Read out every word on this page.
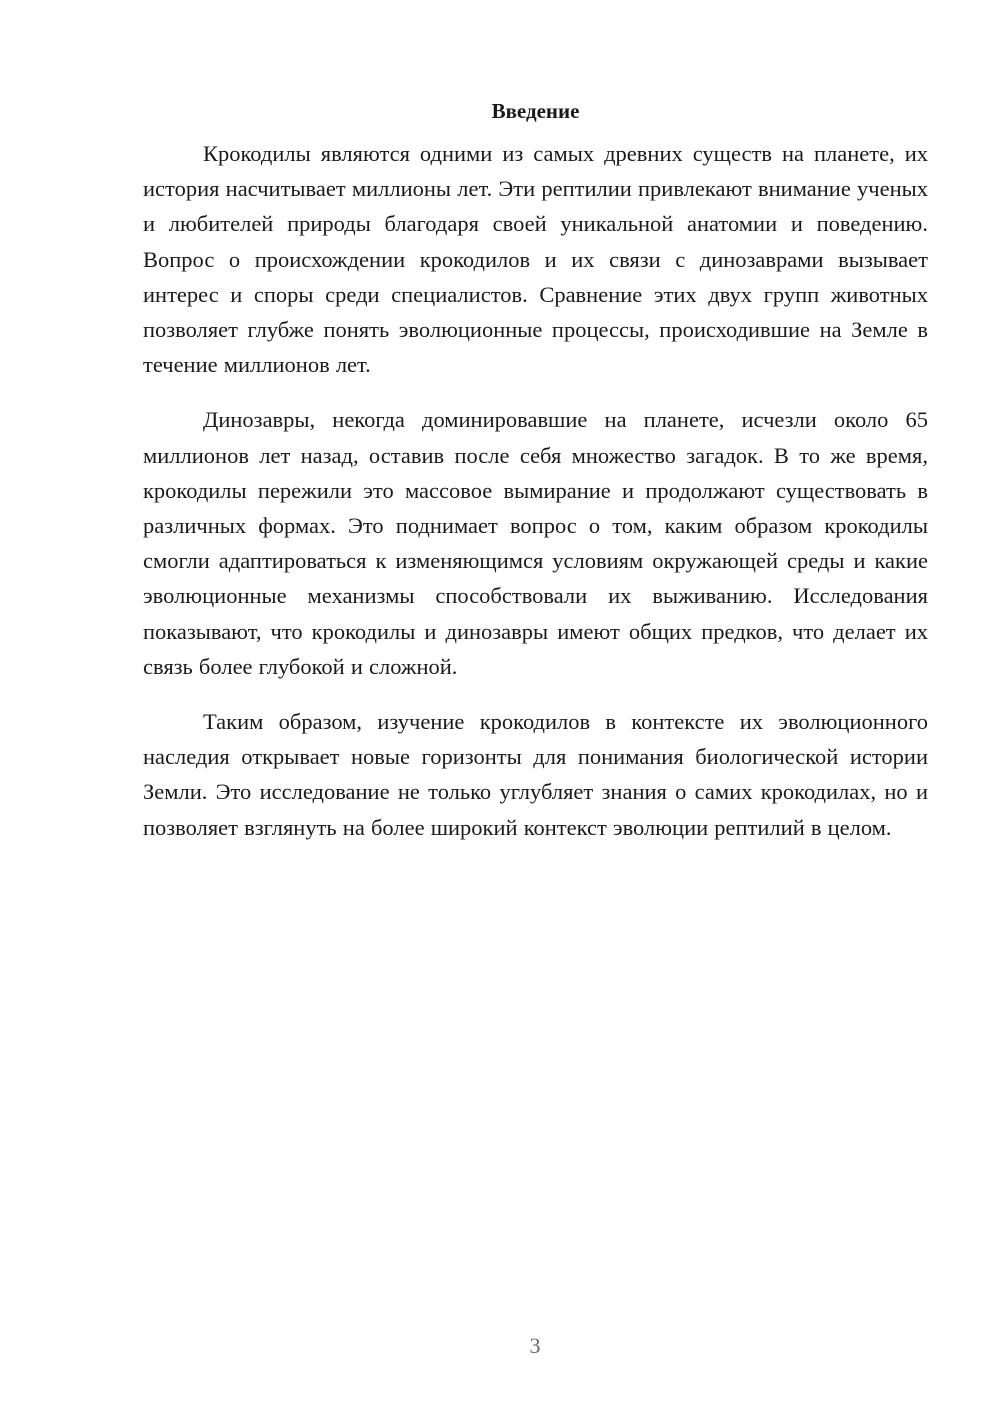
Введение

Крокодилы являются одними из самых древних существ на планете, их история насчитывает миллионы лет. Эти рептилии привлекают внимание ученых и любителей природы благодаря своей уникальной анатомии и поведению. Вопрос о происхождении крокодилов и их связи с динозаврами вызывает интерес и споры среди специалистов. Сравнение этих двух групп животных позволяет глубже понять эволюционные процессы, происходившие на Земле в течение миллионов лет.

Динозавры, некогда доминировавшие на планете, исчезли около 65 миллионов лет назад, оставив после себя множество загадок. В то же время, крокодилы пережили это массовое вымирание и продолжают существовать в различных формах. Это поднимает вопрос о том, каким образом крокодилы смогли адаптироваться к изменяющимся условиям окружающей среды и какие эволюционные механизмы способствовали их выживанию. Исследования показывают, что крокодилы и динозавры имеют общих предков, что делает их связь более глубокой и сложной.

Таким образом, изучение крокодилов в контексте их эволюционного наследия открывает новые горизонты для понимания биологической истории Земли. Это исследование не только углубляет знания о самих крокодилах, но и позволяет взглянуть на более широкий контекст эволюции рептилий в целом.

3
